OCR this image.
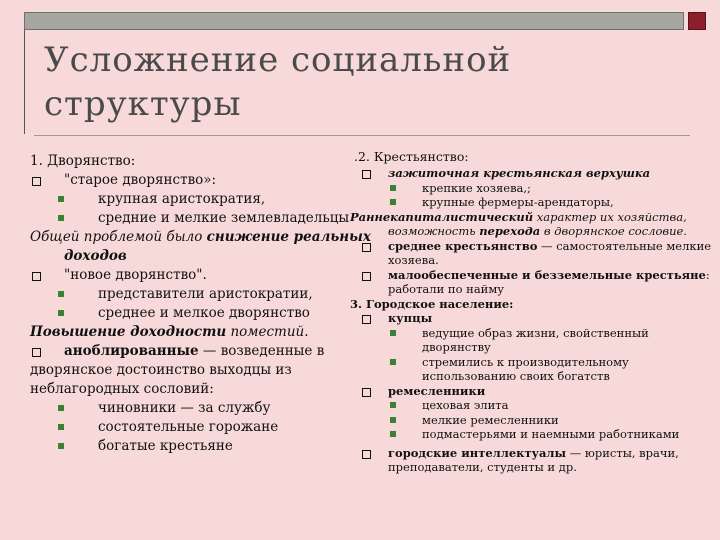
Усложнение социальной
структуры
1. Дворянство:
"старое дворянство»:
крупная аристократия,
средние и мелкие землевладельцы
Общей проблемой было снижение реальных
доходов
"новое дворянство".
представители аристократии,
среднее и мелкое дворянство
Повышение доходности поместий.
аноблированные — возведенные в
дворянское достоинство выходцы из
неблагородных сословий:
чиновники — за службу
состоятельные горожане
богатые крестьяне
.2. Крестьянство:
зажиточная крестьянская верхушка
крепкие хозяева,;
крупные фермеры-арендаторы,
Раннекапиталистический характер их хозяйства,
возможность перехода в дворянское сословие.
среднее крестьянство — самостоятельные мелкие
хозяева.
малообеспеченные и безземельные крестьяне:
работали по найму
3. Городское население:
купцы
ведущие образ жизни, свойственный
дворянству
стремились к производительному
использованию своих богатств
ремесленники
цеховая элита
мелкие ремесленники
подмастерьями и наемными работниками
городские интеллектуалы — юристы, врачи,
преподаватели, студенты и др.
